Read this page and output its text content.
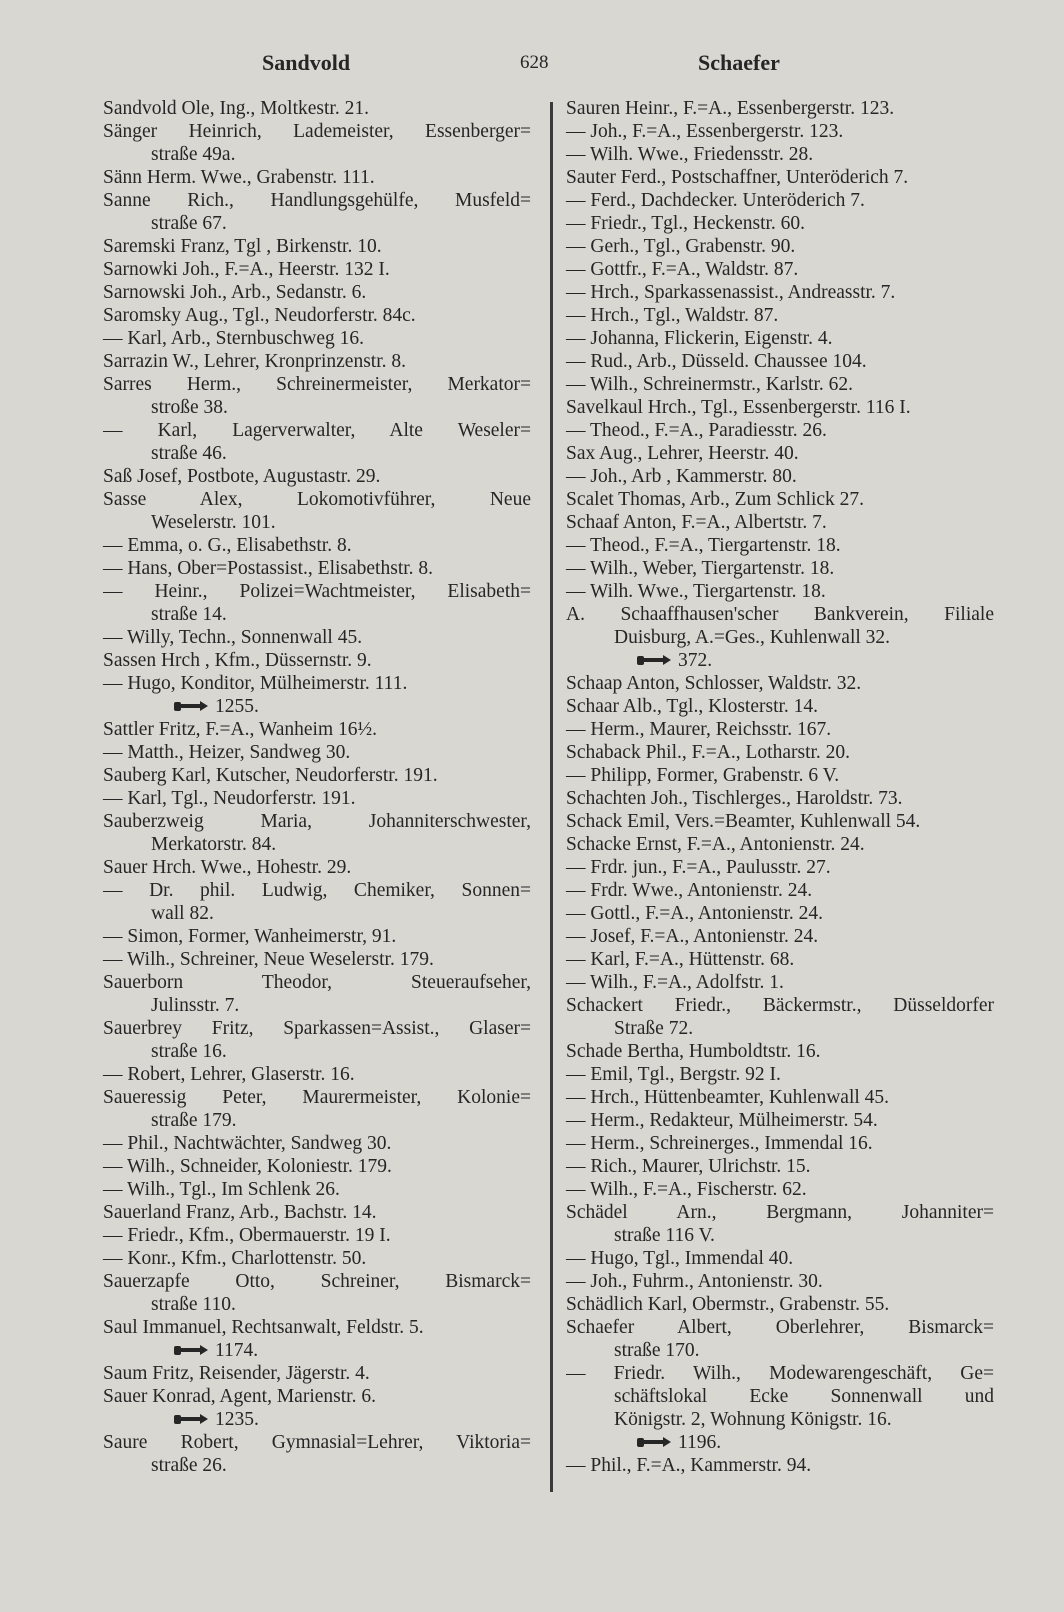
Sandvold	628	Schaefer
Sandvold Ole, Ing., Moltkestr. 21.
Sänger Heinrich, Lademeister, Essenberger=
straße 49a.
Sänn Herm. Wwe., Grabenstr. 111.
Sanne Rich., Handlungsgehülfe, Musfeld=
straße 67.
Saremski Franz, Tgl , Birkenstr. 10.
Sarnowki Joh., F.=A., Heerstr. 132 I.
Sarnowski Joh., Arb., Sedanstr. 6.
Saromsky Aug., Tgl., Neudorferstr. 84c.
— Karl, Arb., Sternbuschweg 16.
Sarrazin W., Lehrer, Kronprinzenstr. 8.
Sarres Herm., Schreinermeister, Merkator=
stroße 38.
— Karl, Lagerverwalter, Alte Weseler=
straße 46.
Saß Josef, Postbote, Augustastr. 29.
Sasse Alex, Lokomotivführer, Neue
Weselerstr. 101.
— Emma, o. G., Elisabethstr. 8.
— Hans, Ober=Postassist., Elisabethstr. 8.
— Heinr., Polizei=Wachtmeister, Elisabeth=
straße 14.
— Willy, Techn., Sonnenwall 45.
Sassen Hrch , Kfm., Düssernstr. 9.
— Hugo, Konditor, Mülheimerstr. 111.
1255.
Sattler Fritz, F.=A., Wanheim 16½.
— Matth., Heizer, Sandweg 30.
Sauberg Karl, Kutscher, Neudorferstr. 191.
— Karl, Tgl., Neudorferstr. 191.
Sauberzweig Maria, Johanniterschwester,
Merkatorstr. 84.
Sauer Hrch. Wwe., Hohestr. 29.
— Dr. phil. Ludwig, Chemiker, Sonnen=
wall 82.
— Simon, Former, Wanheimerstr, 91.
— Wilh., Schreiner, Neue Weselerstr. 179.
Sauerborn Theodor, Steueraufseher,
Julinsstr. 7.
Sauerbrey Fritz, Sparkassen=Assist., Glaser=
straße 16.
— Robert, Lehrer, Glaserstr. 16.
Saueressig Peter, Maurermeister, Kolonie=
straße 179.
— Phil., Nachtwächter, Sandweg 30.
— Wilh., Schneider, Koloniestr. 179.
— Wilh., Tgl., Im Schlenk 26.
Sauerland Franz, Arb., Bachstr. 14.
— Friedr., Kfm., Obermauerstr. 19 I.
— Konr., Kfm., Charlottenstr. 50.
Sauerzapfe Otto, Schreiner, Bismarck=
straße 110.
Saul Immanuel, Rechtsanwalt, Feldstr. 5.
1174.
Saum Fritz, Reisender, Jägerstr. 4.
Sauer Konrad, Agent, Marienstr. 6.
1235.
Saure Robert, Gymnasial=Lehrer, Viktoria=
straße 26.
Sauren Heinr., F.=A., Essenbergerstr. 123.
— Joh., F.=A., Essenbergerstr. 123.
— Wilh. Wwe., Friedensstr. 28.
Sauter Ferd., Postschaffner, Unteröderich 7.
— Ferd., Dachdecker. Unteröderich 7.
— Friedr., Tgl., Heckenstr. 60.
— Gerh., Tgl., Grabenstr. 90.
— Gottfr., F.=A., Waldstr. 87.
— Hrch., Sparkassenassist., Andreasstr. 7.
— Hrch., Tgl., Waldstr. 87.
— Johanna, Flickerin, Eigenstr. 4.
— Rud., Arb., Düsseld. Chaussee 104.
— Wilh., Schreinermstr., Karlstr. 62.
Savelkaul Hrch., Tgl., Essenbergerstr. 116 I.
— Theod., F.=A., Paradiesstr. 26.
Sax Aug., Lehrer, Heerstr. 40.
— Joh., Arb , Kammerstr. 80.
Scalet Thomas, Arb., Zum Schlick 27.
Schaaf Anton, F.=A., Albertstr. 7.
— Theod., F.=A., Tiergartenstr. 18.
— Wilh., Weber, Tiergartenstr. 18.
— Wilh. Wwe., Tiergartenstr. 18.
A. Schaaffhausen'scher Bankverein, Filiale
Duisburg, A.=Ges., Kuhlenwall 32.
372.
Schaap Anton, Schlosser, Waldstr. 32.
Schaar Alb., Tgl., Klosterstr. 14.
— Herm., Maurer, Reichsstr. 167.
Schaback Phil., F.=A., Lotharstr. 20.
— Philipp, Former, Grabenstr. 6 V.
Schachten Joh., Tischlerges., Haroldstr. 73.
Schack Emil, Vers.=Beamter, Kuhlenwall 54.
Schacke Ernst, F.=A., Antonienstr. 24.
— Frdr. jun., F.=A., Paulusstr. 27.
— Frdr. Wwe., Antonienstr. 24.
— Gottl., F.=A., Antonienstr. 24.
— Josef, F.=A., Antonienstr. 24.
— Karl, F.=A., Hüttenstr. 68.
— Wilh., F.=A., Adolfstr. 1.
Schackert Friedr., Bäckermstr., Düsseldorfer
Straße 72.
Schade Bertha, Humboldtstr. 16.
— Emil, Tgl., Bergstr. 92 I.
— Hrch., Hüttenbeamter, Kuhlenwall 45.
— Herm., Redakteur, Mülheimerstr. 54.
— Herm., Schreinerges., Immendal 16.
— Rich., Maurer, Ulrichstr. 15.
— Wilh., F.=A., Fischerstr. 62.
Schädel Arn., Bergmann, Johanniter=
straße 116 V.
— Hugo, Tgl., Immendal 40.
— Joh., Fuhrm., Antonienstr. 30.
Schädlich Karl, Obermstr., Grabenstr. 55.
Schaefer Albert, Oberlehrer, Bismarck=
straße 170.
— Friedr. Wilh., Modewarengeschäft, Ge=
schäftslokal Ecke Sonnenwall und
Königstr. 2, Wohnung Königstr. 16.
1196.
— Phil., F.=A., Kammerstr. 94.
